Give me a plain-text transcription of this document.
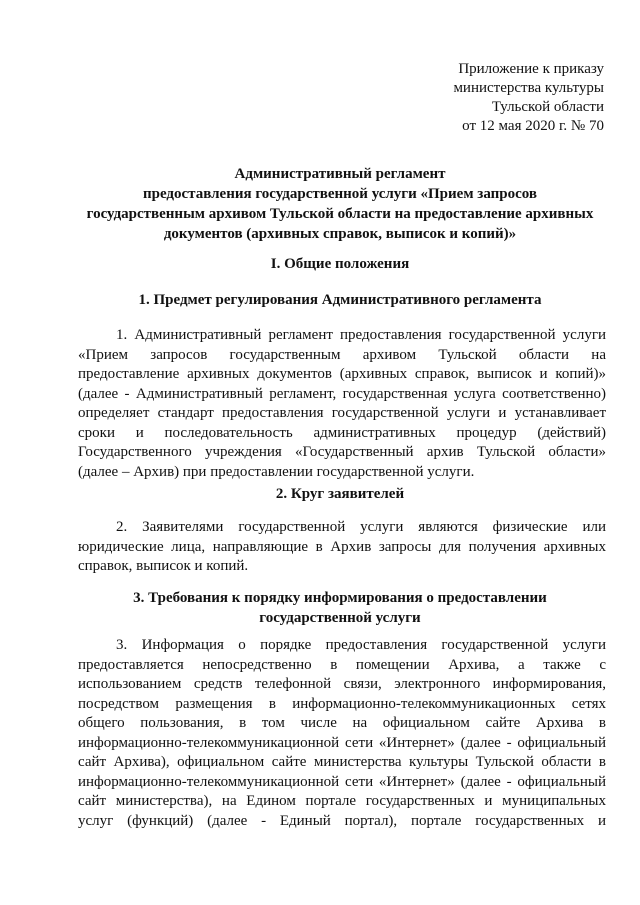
Приложение к приказу
министерства культуры
Тульской области
от 12 мая 2020 г. № 70
Административный регламент
предоставления государственной услуги «Прием запросов
государственным архивом Тульской области на предоставление архивных
документов (архивных справок, выписок и копий)»
I. Общие положения
1. Предмет регулирования Административного регламента
1. Административный регламент предоставления государственной услуги
«Прием запросов государственным архивом Тульской области на
предоставление архивных документов (архивных справок, выписок и копий)»
(далее - Административный регламент, государственная услуга соответственно)
определяет стандарт предоставления государственной услуги и устанавливает
сроки и последовательность административных процедур (действий)
Государственного учреждения «Государственный архив Тульской области»
(далее – Архив) при предоставлении государственной услуги.
2. Круг заявителей
2. Заявителями государственной услуги являются физические или
юридические лица, направляющие в Архив запросы для получения архивных
справок, выписок и копий.
3. Требования к порядку информирования о предоставлении
государственной услуги
3. Информация о порядке предоставления государственной услуги
предоставляется непосредственно в помещении Архива, а также с
использованием средств телефонной связи, электронного информирования,
посредством размещения в информационно-телекоммуникационных сетях
общего пользования, в том числе на официальном сайте Архива в
информационно-телекоммуникационной сети «Интернет» (далее - официальный
сайт Архива), официальном сайте министерства культуры Тульской области в
информационно-телекоммуникационной сети «Интернет» (далее - официальный
сайт министерства), на Едином портале государственных и муниципальных
услуг (функций) (далее - Единый портал), портале государственных и
